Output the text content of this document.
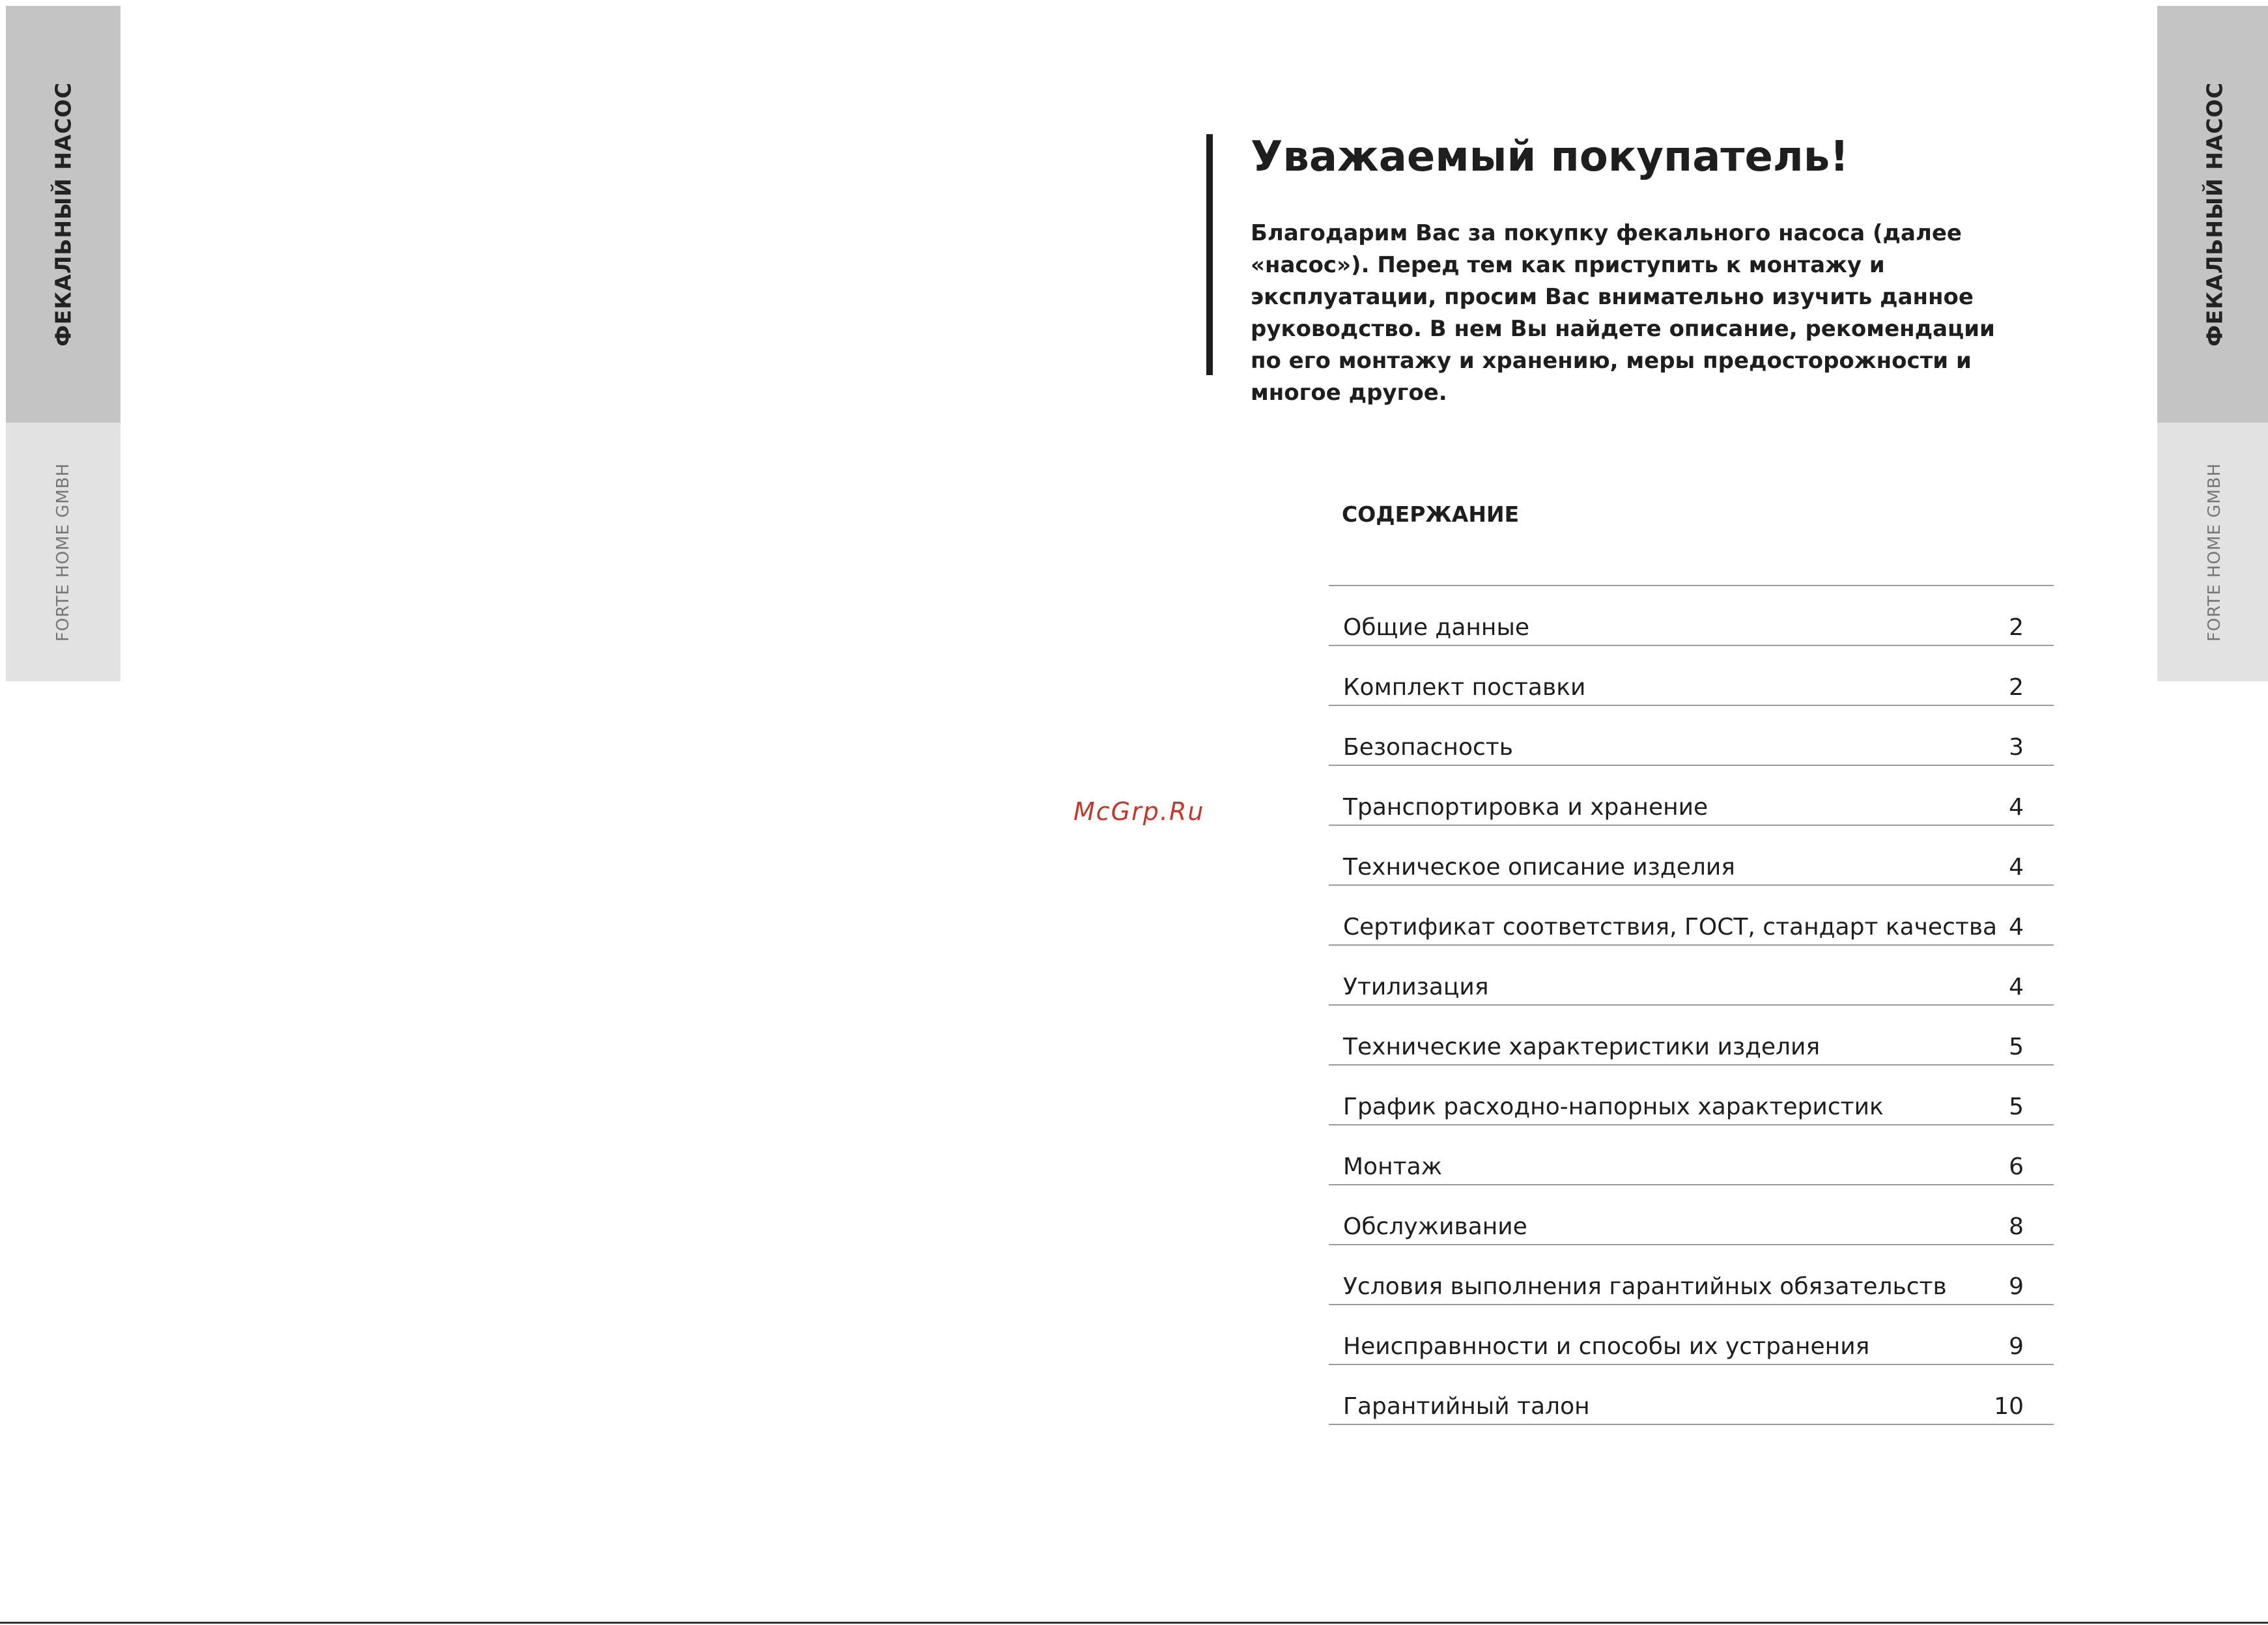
ФЕКАЛЬНЫЙ НАСОС
FORTE HOME GMBH
ФЕКАЛЬНЫЙ НАСОС
FORTE HOME GMBH
Уважаемый покупатель!

Благодарим Вас за покупку фекального насоса (далее «насос»). Перед тем как приступить к монтажу и эксплуатации, просим Вас внимательно изучить данное руководство. В нем Вы найдете описание, рекомендации по его монтажу и хранению, меры предосторожности и многое другое.

СОДЕРЖАНИЕ
Общие данные	2
Комплект поставки	2
Безопасность	3
Транспортировка и хранение	4
Техническое описание изделия	4
Сертификат соответствия, ГОСТ, стандарт качества 4
Утилизация	4
Технические характеристики изделия	5
График расходно-напорных характеристик	5
Монтаж	6
Обслуживание	8
Условия выполнения гарантийных обязательств	9
Неисправнности и способы их устранения	9
Гарантийный талон	10
McGrp.Ru
